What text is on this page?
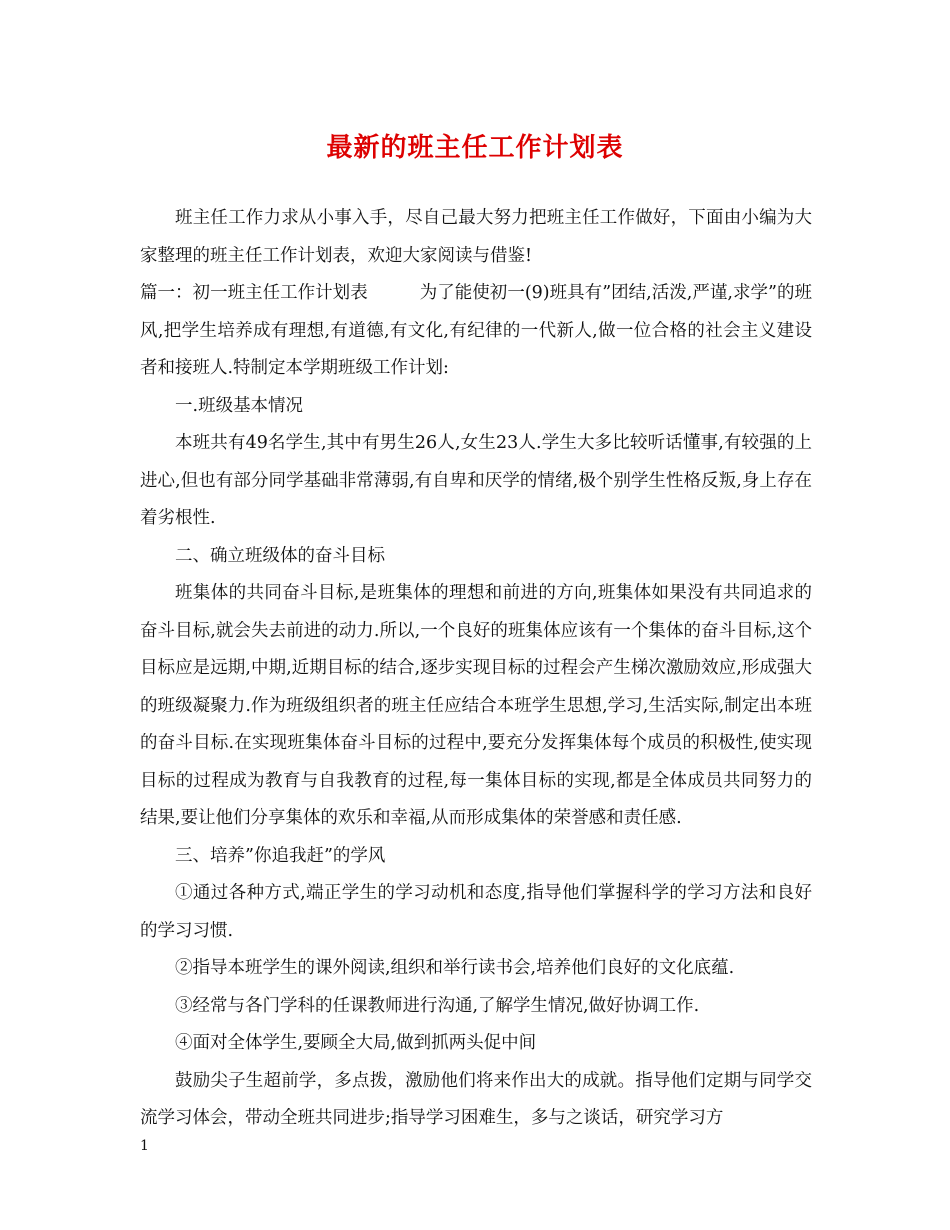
最新的班主任工作计划表

班主任工作力求从小事入手，尽自己最大努力把班主任工作做好，下面由小编为大家整理的班主任工作计划表，欢迎大家阅读与借鉴!

篇一：初一班主任工作计划表	为了能使初一(9)班具有”团结,活泼,严谨,求学”的班风,把学生培养成有理想,有道德,有文化,有纪律的一代新人,做一位合格的社会主义建设者和接班人.特制定本学期班级工作计划:

一.班级基本情况

本班共有49名学生,其中有男生26人,女生23人.学生大多比较听话懂事,有较强的上进心,但也有部分同学基础非常薄弱,有自卑和厌学的情绪,极个别学生性格反叛,身上存在着劣根性.

二、确立班级体的奋斗目标

班集体的共同奋斗目标,是班集体的理想和前进的方向,班集体如果没有共同追求的奋斗目标,就会失去前进的动力.所以,一个良好的班集体应该有一个集体的奋斗目标,这个目标应是远期,中期,近期目标的结合,逐步实现目标的过程会产生梯次激励效应,形成强大的班级凝聚力.作为班级组织者的班主任应结合本班学生思想,学习,生活实际,制定出本班的奋斗目标.在实现班集体奋斗目标的过程中,要充分发挥集体每个成员的积极性,使实现目标的过程成为教育与自我教育的过程,每一集体目标的实现,都是全体成员共同努力的结果,要让他们分享集体的欢乐和幸福,从而形成集体的荣誉感和责任感.

三、培养”你追我赶”的学风

①通过各种方式,端正学生的学习动机和态度,指导他们掌握科学的学习方法和良好的学习习惯.

②指导本班学生的课外阅读,组织和举行读书会,培养他们良好的文化底蕴.

③经常与各门学科的任课教师进行沟通,了解学生情况,做好协调工作.

④面对全体学生,要顾全大局,做到抓两头促中间

鼓励尖子生超前学，多点拨，激励他们将来作出大的成就。指导他们定期与同学交流学习体会，带动全班共同进步;指导学习困难生，多与之谈话，研究学习方

1
